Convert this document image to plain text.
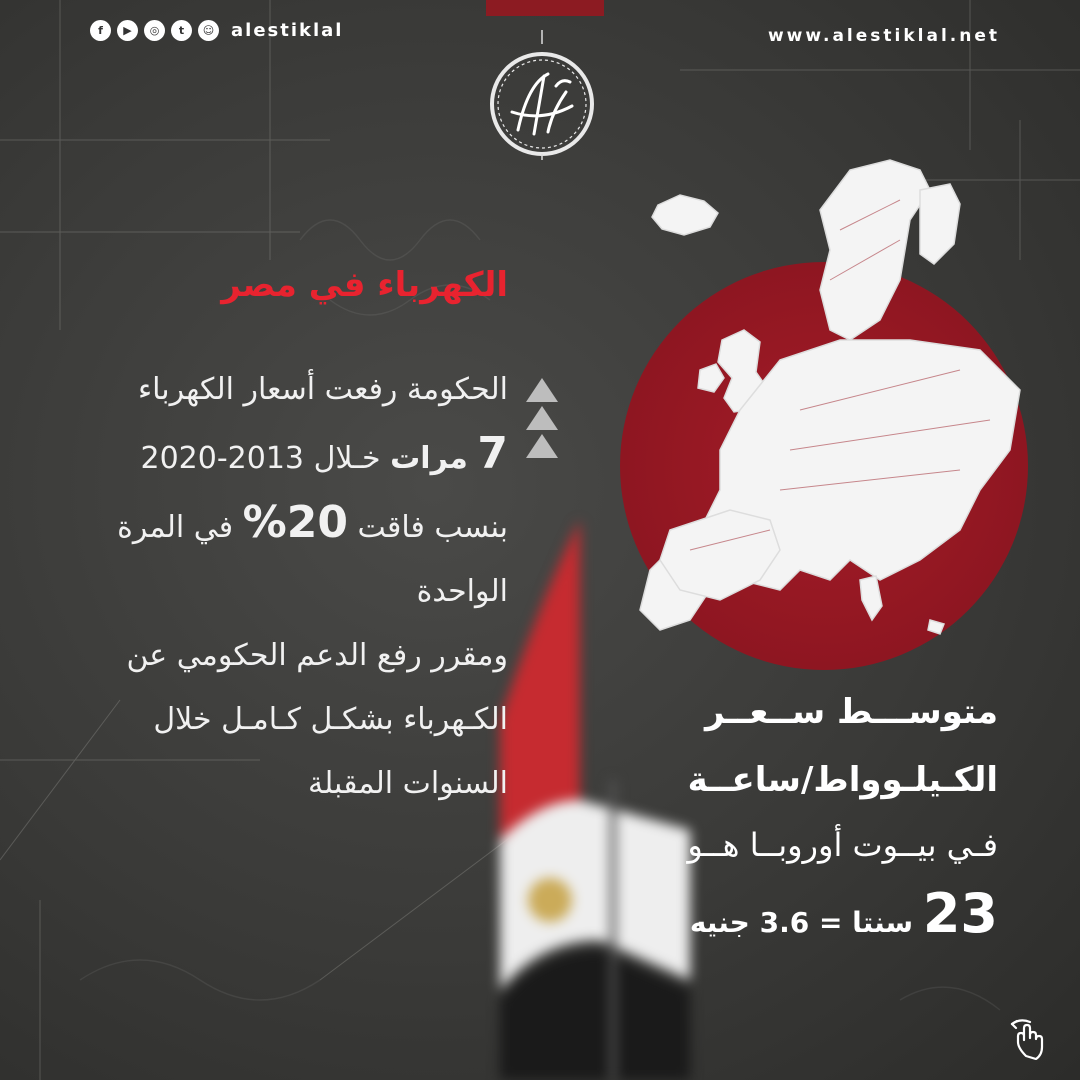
f	▶	◎	t	☺ alestiklal	www.alestiklal.net
الكهرباء في مصر
الحكومة رفعت أسعار الكهرباء
7 مرات خـلال 2013-2020
بنسب فاقت 20% في المرة
الواحدة
ومقرر رفع الدعم الحكومي عن
الكـهرباء بشكـل كـامـل خلال
السنوات المقبلة
متوســـط ســعــر
الكـيلـوواط/ساعــة
فـي بيــوت أوروبــا هــو
23 سنتا = 3.6 جنيه
